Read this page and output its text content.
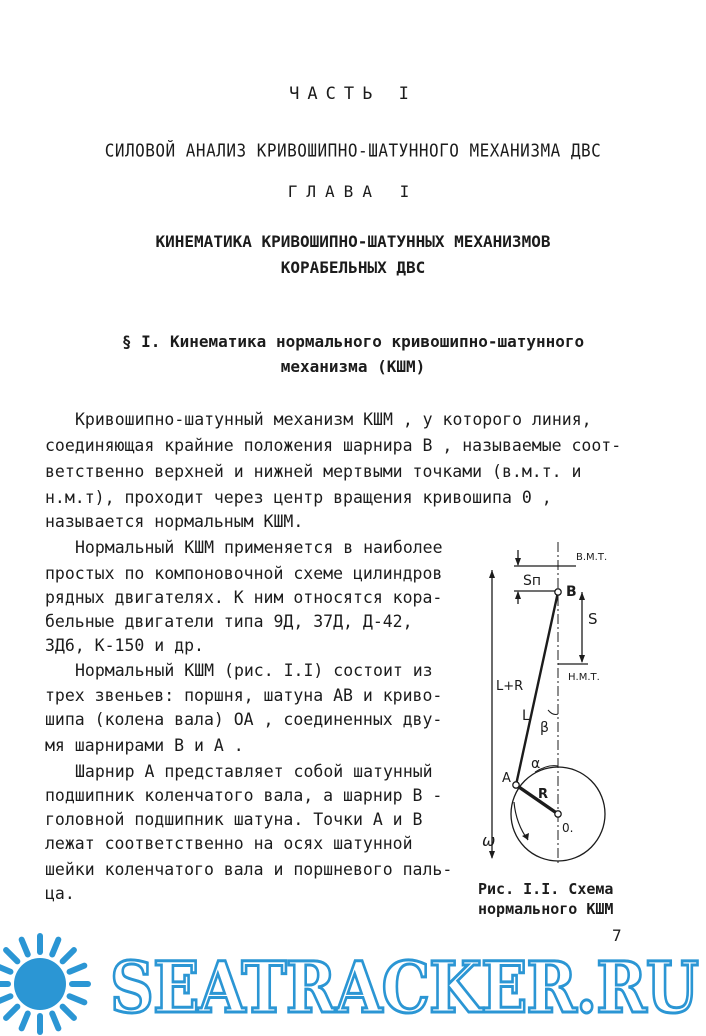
ЧАСТЬ I
СИЛОВОЙ АНАЛИЗ КРИВОШИПНО-ШАТУННОГО МЕХАНИЗМА ДВС
ГЛАВА I
КИНЕМАТИКА КРИВОШИПНО-ШАТУННЫХ МЕХАНИЗМОВ
КОРАБЕЛЬНЫХ ДВС
§ I. Кинематика нормального кривошипно-шатунного
механизма (КШМ)
Кривошипно-шатунный механизм КШМ , у которого линия,
соединяющая крайние положения шарнира В , называемые соот-
ветственно верхней и нижней мертвыми точками (в.м.т. и
н.м.т), проходит через центр вращения кривошипа 0 ,
называется нормальным КШМ.
Нормальный КШМ применяется в наиболее
простых по компоновочной схеме цилиндров
рядных двигателях. К ним относятся кора-
бельные двигатели типа 9Д, 37Д, Д-42,
3Д6, К-150 и др.
Нормальный КШМ (рис. I.I) состоит из
трех звеньев: поршня, шатуна АВ и криво-
шипа (колена вала) ОА , соединенных дву-
мя шарнирами В и А .
Шарнир А представляет собой шатунный
подшипник коленчатого вала, а шарнир В -
головной подшипник шатуна. Точки А и В
лежат соответственно на осях шатунной
шейки коленчатого вала и поршневого паль-
ца.
В.М.Т.
Н.М.Т.
Sп
S
B
L+R
L
β
α
A
R
0.
ω
Рис. I.I. Схема
нормального КШМ
7
SEATRACKER.RU
